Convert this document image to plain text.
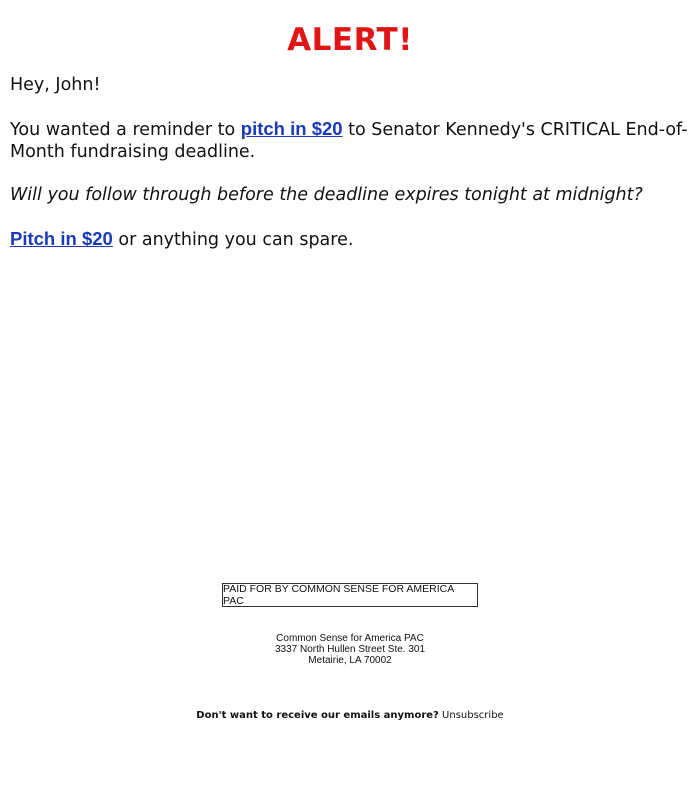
ALERT!

Hey, John!

You wanted a reminder to pitch in $20 to Senator Kennedy's CRITICAL End-of-Month fundraising deadline.

Will you follow through before the deadline expires tonight at midnight?

Pitch in $20 or anything you can spare.

PAID FOR BY COMMON SENSE FOR AMERICA PAC
Common Sense for America PAC
3337 North Hullen Street Ste. 301
Metairie, LA 70002
Don't want to receive our emails anymore? Unsubscribe
